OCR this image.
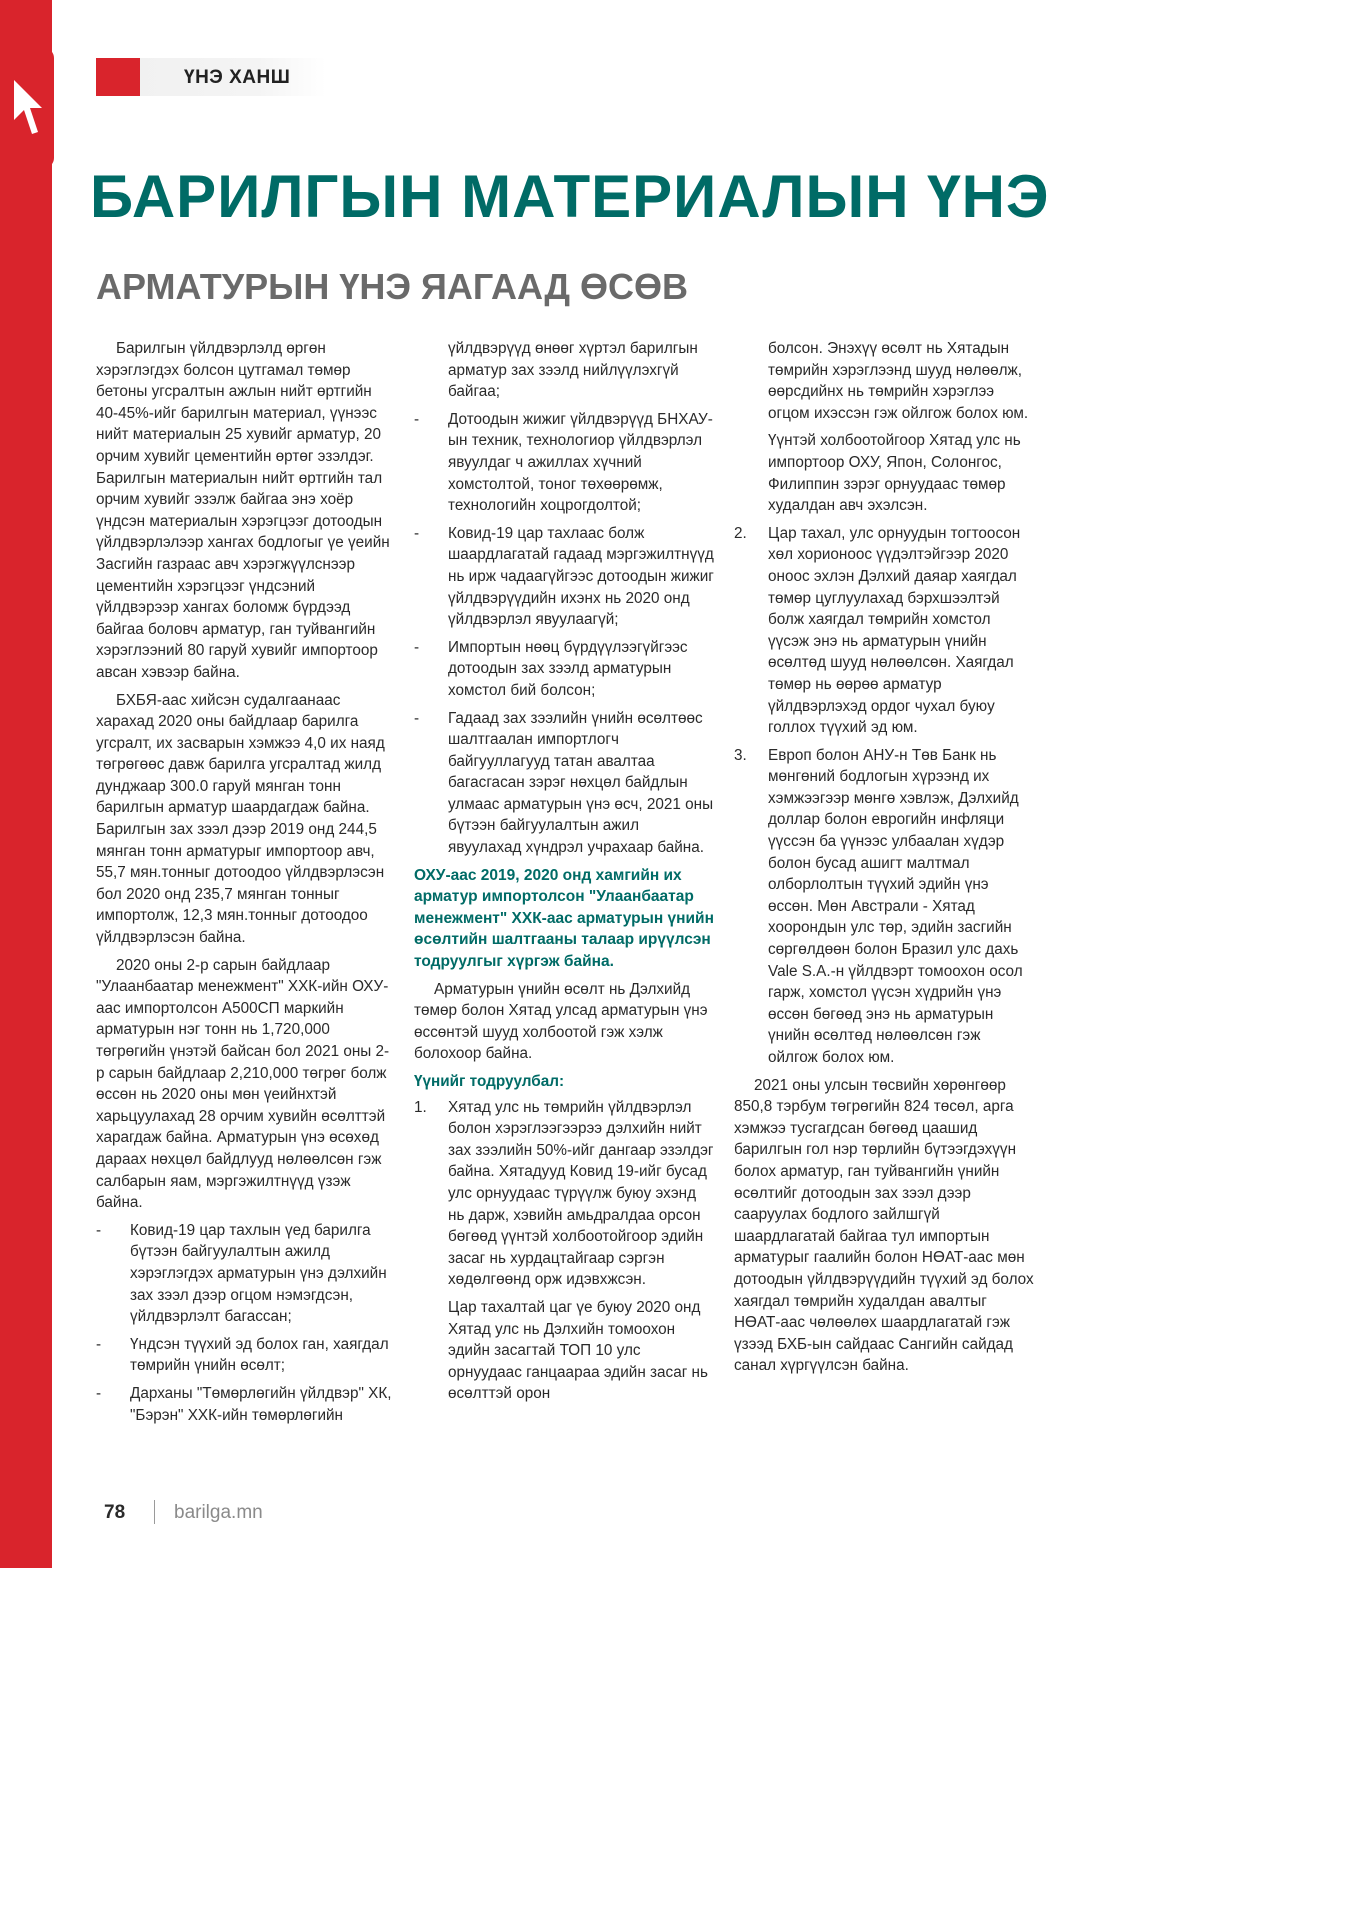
ҮНЭ ХАНШ
БАРИЛГЫН МАТЕРИАЛЫН ҮНЭ
АРМАТУРЫН ҮНЭ ЯАГААД ӨСӨВ

Барилгын үйлдвэрлэлд өргөн хэрэглэгдэх болсон цутгамал төмөр бетоны угсралтын ажлын нийт өртгийн 40-45%-ийг барилгын материал, үүнээс нийт материалын 25 хувийг арматур, 20 орчим хувийг цементийн өртөг эзэлдэг. Барилгын материалын нийт өртгийн тал орчим хувийг эзэлж байгаа энэ хоёр үндсэн материалын хэрэгцээг дотоодын үйлдвэрлэлээр хангах бодлогыг үе үеийн Засгийн газраас авч хэрэгжүүлснээр цементийн хэрэгцээг үндсэний үйлдвэрээр хангах боломж бүрдээд байгаа боловч арматур, ган туйвангийн хэрэглээний 80 гаруй хувийг импортоор авсан хэвээр байна.

БХБЯ-аас хийсэн судалгаанаас харахад 2020 оны байдлаар барилга угсралт, их засварын хэмжээ 4,0 их наяд төгрөгөөс давж барилга угсралтад жилд дунджаар 300.0 гаруй мянган тонн барилгын арматур шаардагдаж байна. Барилгын зах зээл дээр 2019 онд 244,5 мянган тонн арматурыг импортоор авч, 55,7 мян.тонныг дотоодоо үйлдвэрлэсэн бол 2020 онд 235,7 мянган тонныг импортолж, 12,3 мян.тонныг дотоодоо үйлдвэрлэсэн байна.

2020 оны 2-р сарын байдлаар "Улаанбаатар менежмент" ХХК-ийн ОХУ-аас импортолсон А500СП маркийн арматурын нэг тонн нь 1,720,000 төгрөгийн үнэтэй байсан бол 2021 оны 2-р сарын байдлаар 2,210,000 төгрөг болж өссөн нь 2020 оны мөн үеийнхтэй харьцуулахад 28 орчим хувийн өсөлттэй харагдаж байна. Арматурын үнэ өсөхөд дараах нөхцөл байдлууд нөлөөлсөн гэж салбарын яам, мэргэжилтнүүд үзэж байна.

-	Ковид-19 цар тахлын үед барилга бүтээн байгуулалтын ажилд хэрэглэгдэх арматурын үнэ дэлхийн зах зээл дээр огцом нэмэгдсэн, үйлдвэрлэлт багассан;
-	Үндсэн түүхий эд болох ган, хаягдал төмрийн үнийн өсөлт;
-	Дарханы "Төмөрлөгийн үйлдвэр" ХК, "Бэрэн" ХХК-ийн төмөрлөгийн
үйлдвэрүүд өнөөг хүртэл барилгын арматур зах зээлд нийлүүлэхгүй байгаа;
-	Дотоодын жижиг үйлдвэрүүд БНХАУ-ын техник, технологиор үйлдвэрлэл явуулдаг ч ажиллах хүчний хомстолтой, тоног төхөөрөмж, технологийн хоцрогдолтой;
-	Ковид-19 цар тахлаас болж шаардлагатай гадаад мэргэжилтнүүд нь ирж чадаагүйгээс дотоодын жижиг үйлдвэрүүдийн ихэнх нь 2020 онд үйлдвэрлэл явуулаагүй;
-	Импортын нөөц бүрдүүлээгүйгээс дотоодын зах зээлд арматурын хомстол бий болсон;
-	Гадаад зах зээлийн үнийн өсөлтөөс шалтгаалан импортлогч байгууллагууд татан авалтаа багасгасан зэрэг нөхцөл байдлын улмаас арматурын үнэ өсч, 2021 оны бүтээн байгуулалтын ажил явуулахад хүндрэл учрахаар байна.
ОХУ-аас 2019, 2020 онд хамгийн их арматур импортолсон "Улаанбаатар менежмент" ХХК-аас арматурын үнийн өсөлтийн шалтгааны талаар ирүүлсэн тодруулгыг хүргэж байна.

Арматурын үнийн өсөлт нь Дэлхийд төмөр болон Хятад улсад арматурын үнэ өссөнтэй шууд холбоотой гэж хэлж болохоор байна.

Үүнийг тодруулбал:
1.	Хятад улс нь төмрийн үйлдвэрлэл болон хэрэглээгээрээ дэлхийн нийт зах зээлийн 50%-ийг дангаар эзэлдэг байна. Хятадууд Ковид 19-ийг бусад улс орнуудаас түрүүлж буюу эхэнд нь дарж, хэвийн амьдралдаа орсон бөгөөд үүнтэй холбоотойгоор эдийн засаг нь хурдацтайгаар сэргэн хөдөлгөөнд орж идэвхжсэн.
Цар тахалтай цаг үе буюу 2020 онд Хятад улс нь Дэлхийн томоохон эдийн засагтай ТОП 10 улс орнуудаас ганцаараа эдийн засаг нь өсөлттэй орон
болсон. Энэхүү өсөлт нь Хятадын төмрийн хэрэглээнд шууд нөлөөлж, өөрсдийнх нь төмрийн хэрэглээ огцом ихэссэн гэж ойлгож болох юм.
Үүнтэй холбоотойгоор Хятад улс нь импортоор ОХУ, Япон, Солонгос, Филиппин зэрэг орнуудаас төмөр худалдан авч эхэлсэн.
2.	Цар тахал, улс орнуудын тогтоосон хөл хорионоос үүдэлтэйгээр 2020 оноос эхлэн Дэлхий даяар хаягдал төмөр цуглуулахад бэрхшээлтэй болж хаягдал төмрийн хомстол үүсэж энэ нь арматурын үнийн өсөлтөд шууд нөлөөлсөн. Хаягдал төмөр нь өөрөө арматур үйлдвэрлэхэд ордог чухал буюу голлох түүхий эд юм.
3.	Европ болон АНУ-н Төв Банк нь мөнгөний бодлогын хүрээнд их хэмжээгээр мөнгө хэвлэж, Дэлхийд доллар болон еврогийн инфляци үүссэн ба үүнээс улбаалан хүдэр болон бусад ашигт малтмал олборлолтын түүхий эдийн үнэ өссөн. Мөн Австрали - Хятад хоорондын улс төр, эдийн засгийн сөргөлдөөн болон Бразил улс дахь Vale S.A.-н үйлдвэрт томоохон осол гарж, хомстол үүсэн хүдрийн үнэ өссөн бөгөөд энэ нь арматурын үнийн өсөлтөд нөлөөлсөн гэж ойлгож болох юм.

2021 оны улсын төсвийн хөрөнгөөр 850,8 тэрбум төгрөгийн 824 төсөл, арга хэмжээ тусгагдсан бөгөөд цаашид барилгын гол нэр төрлийн бүтээгдэхүүн болох арматур, ган туйвангийн үнийн өсөлтийг дотоодын зах зээл дээр сааруулах бодлого зайлшгүй шаардлагатай байгаа тул импортын арматурыг гаалийн болон НӨАТ-аас мөн дотоодын үйлдвэрүүдийн түүхий эд болох хаягдал төмрийн худалдан авалтыг НӨАТ-аас чөлөөлөх шаардлагатай гэж үзээд БХБ-ын сайдаас Сангийн сайдад санал хүргүүлсэн байна.

78	barilga.mn
